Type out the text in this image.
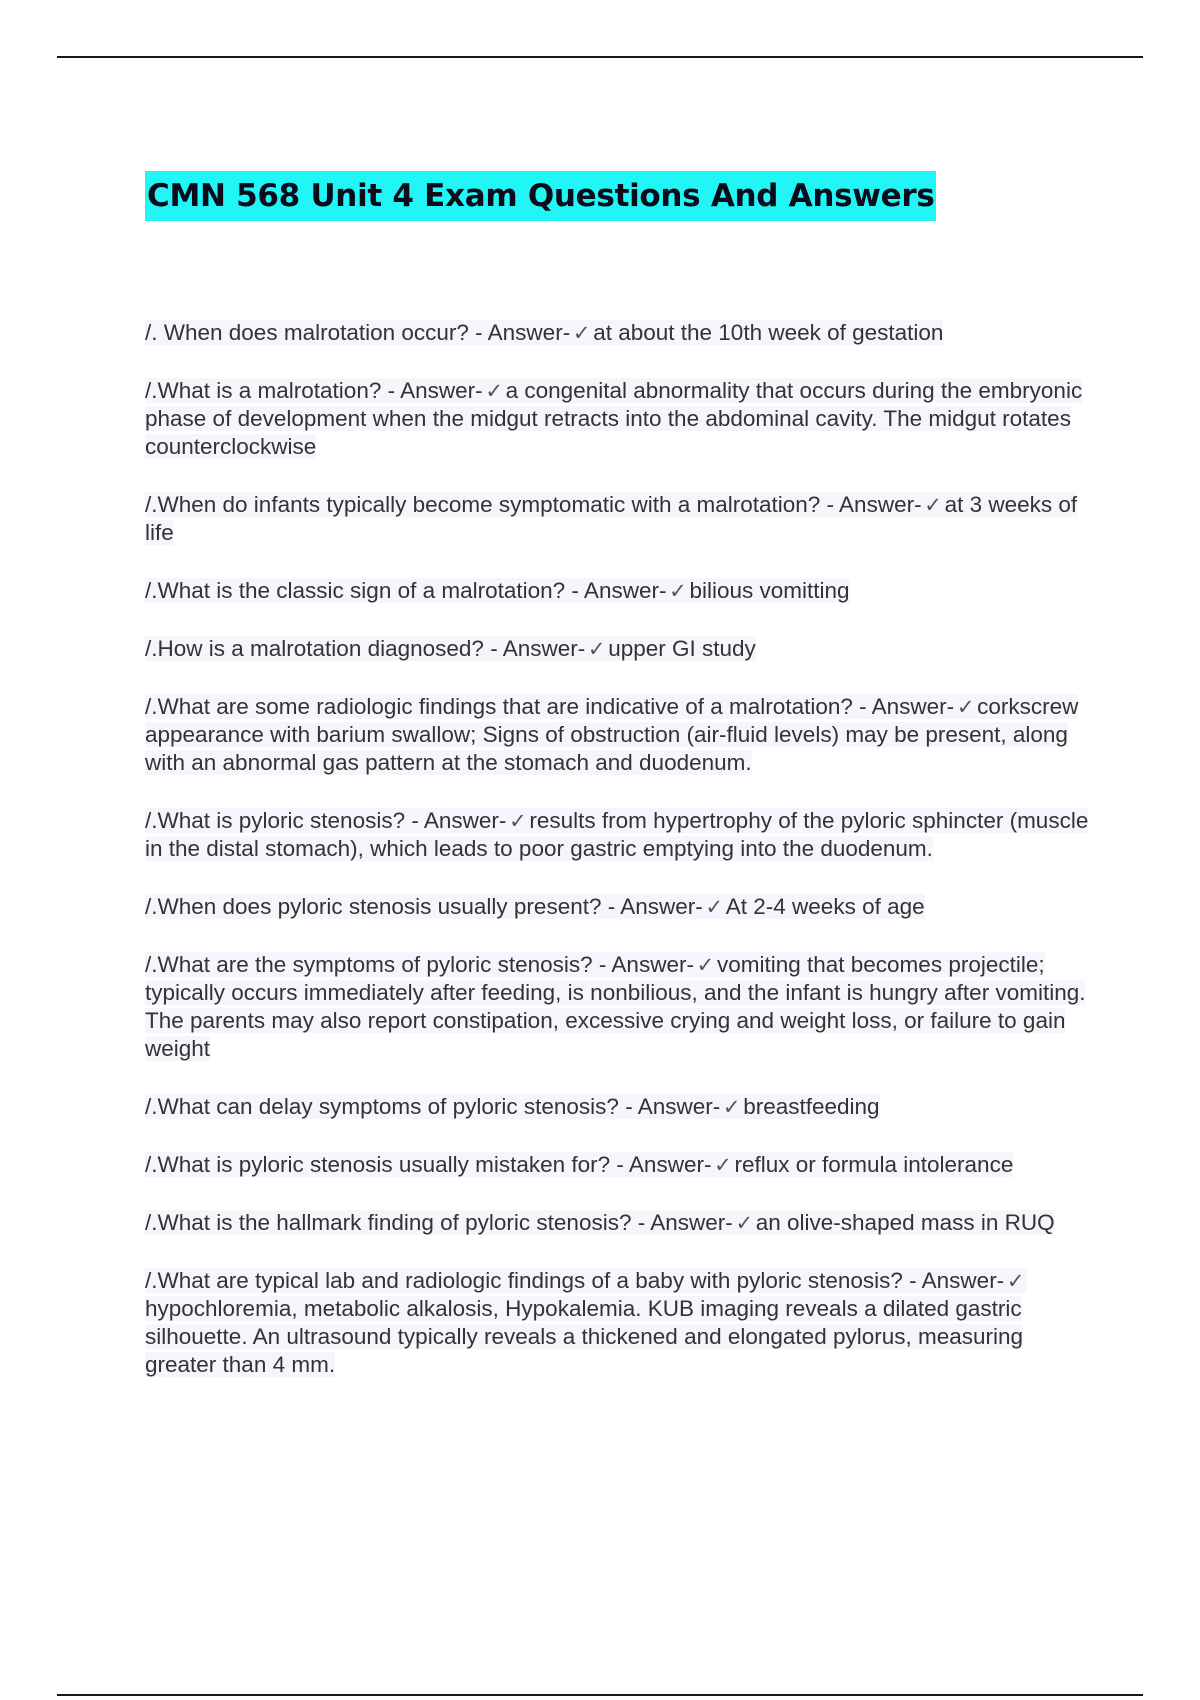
CMN 568 Unit 4 Exam Questions And Answers
/. When does malrotation occur? - Answer- ✓ at about the 10th week of gestation
/.What is a malrotation? - Answer- ✓ a congenital abnormality that occurs during the embryonic phase of development when the midgut retracts into the abdominal cavity. The midgut rotates counterclockwise
/.When do infants typically become symptomatic with a malrotation? - Answer- ✓ at 3 weeks of life
/.What is the classic sign of a malrotation? - Answer- ✓ bilious vomitting
/.How is a malrotation diagnosed? - Answer- ✓ upper GI study
/.What are some radiologic findings that are indicative of a malrotation? - Answer- ✓ corkscrew appearance with barium swallow; Signs of obstruction (air-fluid levels) may be present, along with an abnormal gas pattern at the stomach and duodenum.
/.What is pyloric stenosis? - Answer- ✓ results from hypertrophy of the pyloric sphincter (muscle in the distal stomach), which leads to poor gastric emptying into the duodenum.
/.When does pyloric stenosis usually present? - Answer- ✓ At 2-4 weeks of age
/.What are the symptoms of pyloric stenosis? - Answer- ✓ vomiting that becomes projectile; typically occurs immediately after feeding, is nonbilious, and the infant is hungry after vomiting. The parents may also report constipation, excessive crying and weight loss, or failure to gain weight
/.What can delay symptoms of pyloric stenosis? - Answer- ✓ breastfeeding
/.What is pyloric stenosis usually mistaken for? - Answer- ✓ reflux or formula intolerance
/.What is the hallmark finding of pyloric stenosis? - Answer- ✓ an olive-shaped mass in RUQ
/.What are typical lab and radiologic findings of a baby with pyloric stenosis? - Answer- ✓hypochloremia, metabolic alkalosis, Hypokalemia. KUB imaging reveals a dilated gastric silhouette. An ultrasound typically reveals a thickened and elongated pylorus, measuring greater than 4 mm.
